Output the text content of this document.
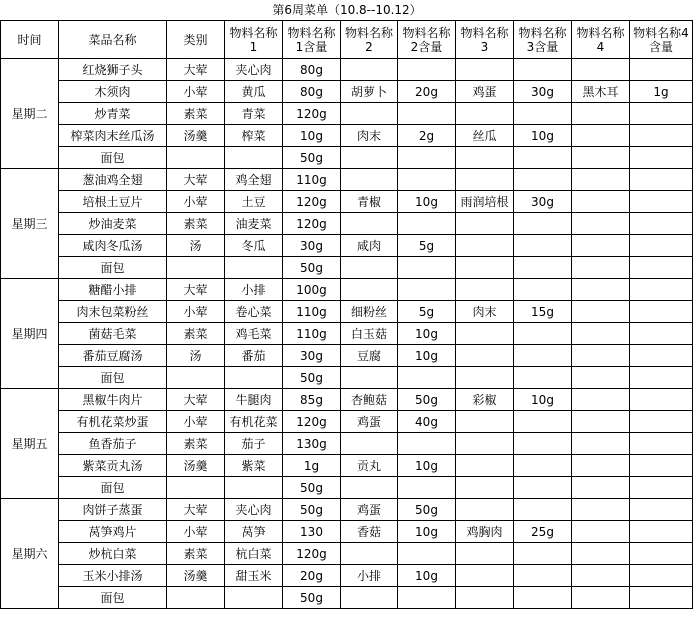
第6周菜单（10.8--10.12）
时间	菜品名称	类别	物料名称1	物料名称1含量	物料名称2	物料名称2含量	物料名称3	物料名称3含量	物料名称4	物料名称4含量
星期二	红烧狮子头	大荤	夹心肉	80g						
	木须肉	小荤	黄瓜	80g	胡萝卜	20g	鸡蛋	30g	黑木耳	1g
	炒青菜	素菜	青菜	120g						
	榨菜肉末丝瓜汤	汤羹	榨菜	10g	肉末	2g	丝瓜	10g		
	面包			50g						
星期三	葱油鸡全翅	大荤	鸡全翅	110g						
	培根土豆片	小荤	土豆	120g	青椒	10g	雨润培根	30g		
	炒油麦菜	素菜	油麦菜	120g						
	咸肉冬瓜汤	汤	冬瓜	30g	咸肉	5g				
	面包			50g						
星期四	糖醋小排	大荤	小排	100g						
	肉末包菜粉丝	小荤	卷心菜	110g	细粉丝	5g	肉末	15g		
	菌菇毛菜	素菜	鸡毛菜	110g	白玉菇	10g				
	番茄豆腐汤	汤	番茄	30g	豆腐	10g				
	面包			50g						
星期五	黑椒牛肉片	大荤	牛腿肉	85g	杏鲍菇	50g	彩椒	10g		
	有机花菜炒蛋	小荤	有机花菜	120g	鸡蛋	40g				
	鱼香茄子	素菜	茄子	130g						
	紫菜贡丸汤	汤羹	紫菜	1g	贡丸	10g				
	面包			50g						
星期六	肉饼子蒸蛋	大荤	夹心肉	50g	鸡蛋	50g				
	莴笋鸡片	小荤	莴笋	130	香菇	10g	鸡胸肉	25g		
	炒杭白菜	素菜	杭白菜	120g						
	玉米小排汤	汤羹	甜玉米	20g	小排	10g				
	面包			50g						
